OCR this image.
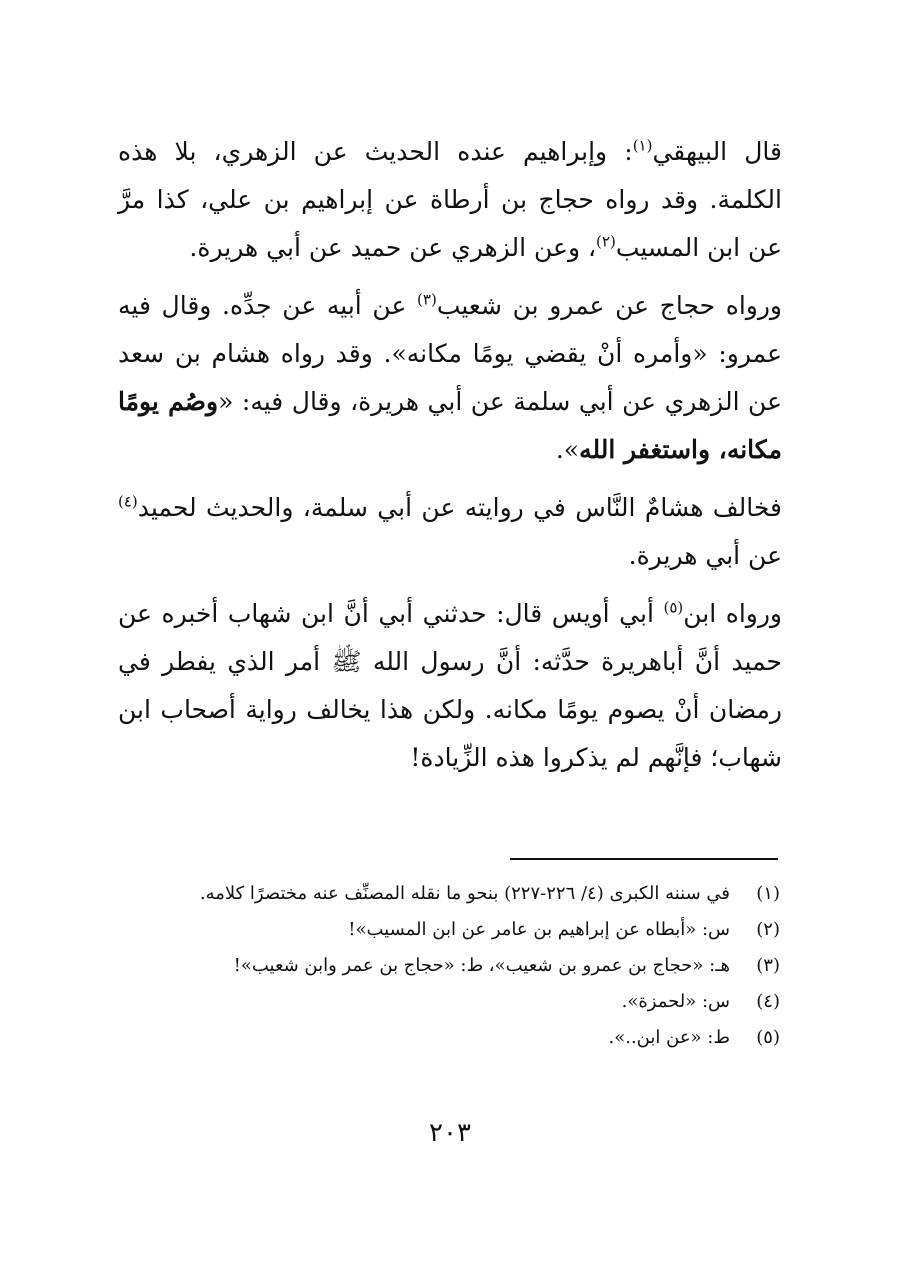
قال البيهقي$^{(١)}$: وإبراهيم عنده الحديث عن الزهري، بلا هذه الكلمة. وقد رواه حجاج بن أرطاة عن إبراهيم بن علي، كذا مرَّ عن ابن المسيب$^{(٢)}$، وعن الزهري عن حميد عن أبي هريرة.

ورواه حجاج عن عمرو بن شعيب$^{(٣)}$ عن أبيه عن جدِّه. وقال فيه عمرو: «وأمره أنْ يقضي يومًا مكانه». وقد رواه هشام بن سعد عن الزهري عن أبي سلمة عن أبي هريرة، وقال فيه: «وصُم يومًا مكانه، واستغفر الله».

فخالف هشامٌ النَّاس في روايته عن أبي سلمة، والحديث لحميد$^{(٤)}$ عن أبي هريرة.

ورواه ابن$^{(٥)}$ أبي أويس قال: حدثني أبي أنَّ ابن شهاب أخبره عن حميد أنَّ أباهريرة حدَّثه: أنَّ رسول الله ﷺ أمر الذي يفطر في رمضان أنْ يصوم يومًا مكانه. ولكن هذا يخالف رواية أصحاب ابن شهاب؛ فإنَّهم لم يذكروا هذه الزِّيادة!

(١)
في سننه الكبرى (٤/ ٢٢٦-٢٢٧) بنحو ما نقله المصنِّف عنه مختصرًا كلامه.
(٢)
س: «أبطاه عن إبراهيم بن عامر عن ابن المسيب»!
(٣)
هـ: «حجاج بن عمرو بن شعيب»، ط: «حجاج بن عمر وابن شعيب»!
(٤)
س: «لحمزة».
(٥)
ط: «عن ابن..».
٢٠٣
